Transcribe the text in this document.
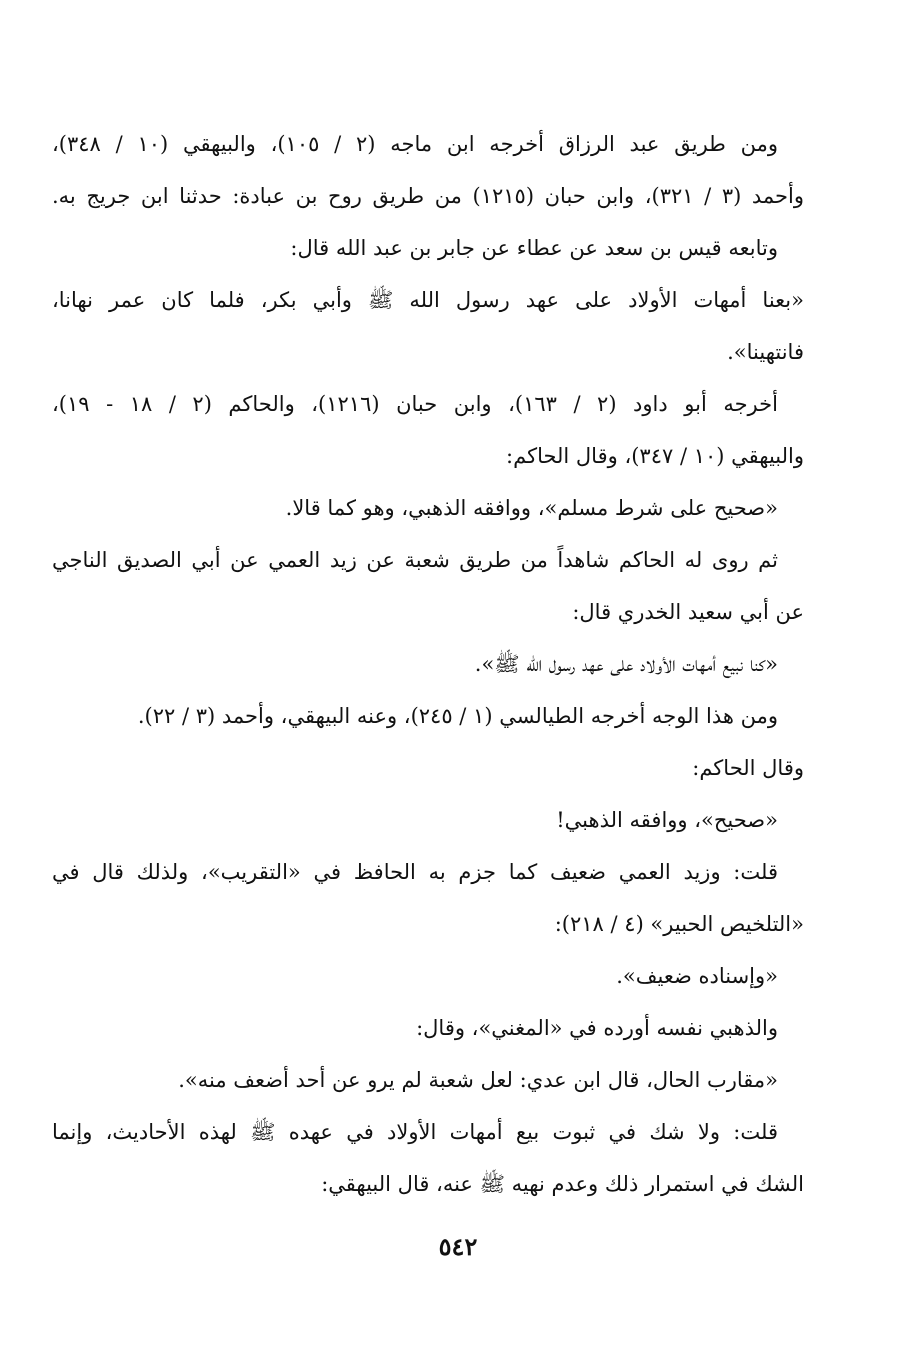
ومن طريق عبد الرزاق أخرجه ابن ماجه (٢ / ١٠٥)، والبيهقي (١٠ / ٣٤٨)،
وأحمد (٣ / ٣٢١)، وابن حبان (١٢١٥) من طريق روح بن عبادة: حدثنا ابن جريج به.
وتابعه قيس بن سعد عن عطاء عن جابر بن عبد الله قال:
«بعنا أمهات الأولاد على عهد رسول الله ﷺ وأبي بكر، فلما كان عمر نهانا،
فانتهينا».
أخرجه أبو داود (٢ / ١٦٣)، وابن حبان (١٢١٦)، والحاكم (٢ / ١٨ - ١٩)،
والبيهقي (١٠ / ٣٤٧)، وقال الحاكم:
«صحيح على شرط مسلم»، ووافقه الذهبي، وهو كما قالا.
ثم روى له الحاكم شاهداً من طريق شعبة عن زيد العمي عن أبي الصديق الناجي
عن أبي سعيد الخدري قال:
«كنا نبيع أمهات الأولاد على عهد رسول الله ﷺ».
ومن هذا الوجه أخرجه الطيالسي (١ / ٢٤٥)، وعنه البيهقي، وأحمد (٣ / ٢٢).
وقال الحاكم:
«صحيح»، ووافقه الذهبي!
قلت: وزيد العمي ضعيف كما جزم به الحافظ في «التقريب»، ولذلك قال في
«التلخيص الحبير» (٤ / ٢١٨):
«وإسناده ضعيف».
والذهبي نفسه أورده في «المغني»، وقال:
«مقارب الحال، قال ابن عدي: لعل شعبة لم يرو عن أحد أضعف منه».
قلت: ولا شك في ثبوت بيع أمهات الأولاد في عهده ﷺ لهذه الأحاديث، وإنما
الشك في استمرار ذلك وعدم نهيه ﷺ عنه، قال البيهقي:
٥٤٢
